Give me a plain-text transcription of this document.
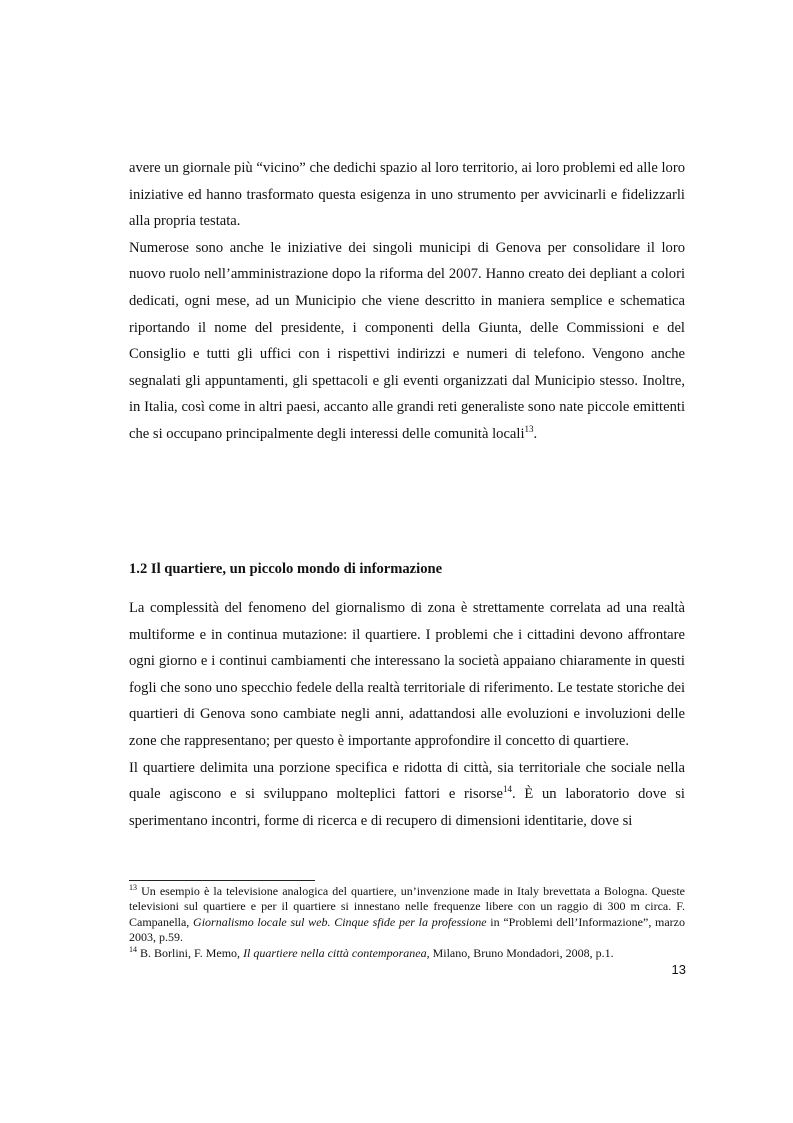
avere un giornale più “vicino” che dedichi spazio al loro territorio, ai loro problemi ed alle loro iniziative ed hanno trasformato questa esigenza in uno strumento per avvicinarli e fidelizzarli alla propria testata.

Numerose sono anche le iniziative dei singoli municipi di Genova per consolidare il loro nuovo ruolo nell’amministrazione dopo la riforma del 2007. Hanno creato dei depliant a colori dedicati, ogni mese, ad un Municipio che viene descritto in maniera semplice e schematica riportando il nome del presidente, i componenti della Giunta, delle Commissioni e del Consiglio e tutti gli uffici con i rispettivi indirizzi e numeri di telefono. Vengono anche segnalati gli appuntamenti, gli spettacoli e gli eventi organizzati dal Municipio stesso. Inoltre, in Italia, così come in altri paesi, accanto alle grandi reti generaliste sono nate piccole emittenti che si occupano principalmente degli interessi delle comunità locali$^{13}$.

1.2 Il quartiere, un piccolo mondo di informazione

La complessità del fenomeno del giornalismo di zona è strettamente correlata ad una realtà multiforme e in continua mutazione: il quartiere. I problemi che i cittadini devono affrontare ogni giorno e i continui cambiamenti che interessano la società appaiano chiaramente in questi fogli che sono uno specchio fedele della realtà territoriale di riferimento. Le testate storiche dei quartieri di Genova sono cambiate negli anni, adattandosi alle evoluzioni e involuzioni delle zone che rappresentano; per questo è importante approfondire il concetto di quartiere.

Il quartiere delimita una porzione specifica e ridotta di città, sia territoriale che sociale nella quale agiscono e si sviluppano molteplici fattori e risorse$^{14}$. È un laboratorio dove si sperimentano incontri, forme di ricerca e di recupero di dimensioni identitarie, dove si

$^{13}$ Un esempio è la televisione analogica del quartiere, un’invenzione made in Italy brevettata a Bologna. Queste televisioni sul quartiere e per il quartiere si innestano nelle frequenze libere con un raggio di 300 m circa. F. Campanella, Giornalismo locale sul web. Cinque sfide per la professione in “Problemi dell’Informazione”, marzo 2003, p.59.

$^{14}$ B. Borlini, F. Memo, Il quartiere nella città contemporanea, Milano, Bruno Mondadori, 2008, p.1.

13
